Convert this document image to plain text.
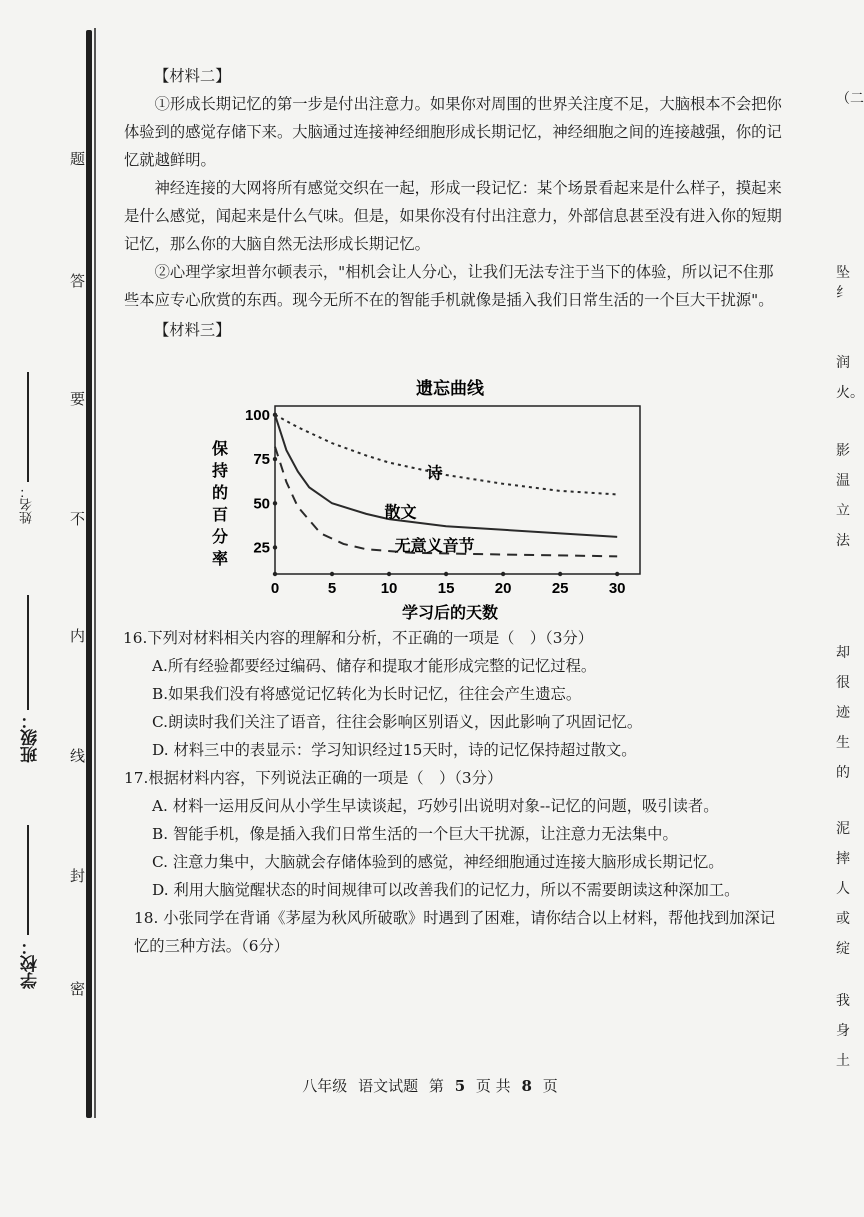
题
答
要
不
内
线
封
密
学校：
班级：
姓名：

【材料二】

①形成长期记忆的第一步是付出注意力。如果你对周围的世界关注度不足，大脑根本不会把你体验到的感觉存储下来。大脑通过连接神经细胞形成长期记忆，神经细胞之间的连接越强，你的记忆就越鲜明。

神经连接的大网将所有感觉交织在一起，形成一段记忆：某个场景看起来是什么样子，摸起来是什么感觉，闻起来是什么气味。但是，如果你没有付出注意力，外部信息甚至没有进入你的短期记忆，那么你的大脑自然无法形成长期记忆。

②心理学家坦普尔顿表示，"相机会让人分心，让我们无法专注于当下的体验，所以记不住那些本应专心欣赏的东西。现今无所不在的智能手机就像是插入我们日常生活的一个巨大干扰源"。

【材料三】

遗忘曲线
保持的百分率
学习后的天数
0	5	10	15	20	25	30
25
50
75
100
诗
散文
无意义音节

16.下列对材料相关内容的理解和分析，不正确的一项是（　）（3分）

A.所有经验都要经过编码、储存和提取才能形成完整的记忆过程。

B.如果我们没有将感觉记忆转化为长时记忆，往往会产生遗忘。

C.朗读时我们关注了语音，往往会影响区别语义，因此影响了巩固记忆。

D. 材料三中的表显示：学习知识经过15天时，诗的记忆保持超过散文。

17.根据材料内容，下列说法正确的一项是（　）（3分）

A. 材料一运用反问从小学生早读谈起，巧妙引出说明对象--记忆的问题，吸引读者。

B. 智能手机，像是插入我们日常生活的一个巨大干扰源，让注意力无法集中。

C. 注意力集中，大脑就会存储体验到的感觉，神经细胞通过连接大脑形成长期记忆。

D. 利用大脑觉醒状态的时间规律可以改善我们的记忆力，所以不需要朗读这种深加工。

18. 小张同学在背诵《茅屋为秋风所破歌》时遇到了困难，请你结合以上材料，帮他找到加深记忆的三种方法。（6分）

（二
坠纟
润
火。
影
温
立
法
却
很
迹
生
的
泥
摔
人
或
绽
我
身
土
八年级 语文试题 第 5 页 共 8 页
